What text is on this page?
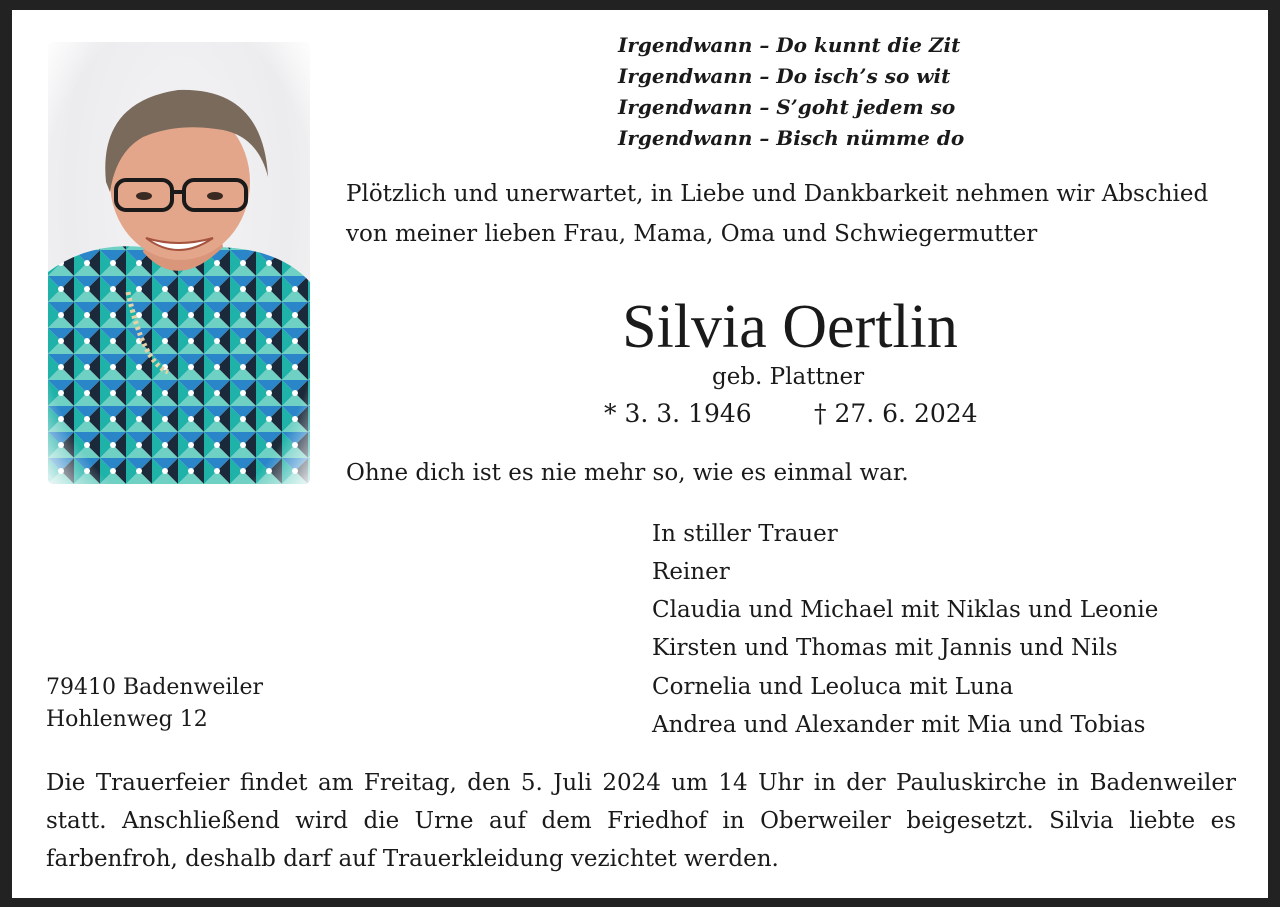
Irgendwann – Do kunnt die Zit
Irgendwann – Do isch’s so wit
Irgendwann – S’goht jedem so
Irgendwann – Bisch nümme do
Plötzlich und unerwartet, in Liebe und Dankbarkeit nehmen wir Abschied
von meiner lieben Frau, Mama, Oma und Schwiegermutter
Silvia Oertlin
geb. Plattner
* 3. 3. 1946 † 27. 6. 2024
Ohne dich ist es nie mehr so, wie es einmal war.
In stiller Trauer
Reiner
Claudia und Michael mit Niklas und Leonie
Kirsten und Thomas mit Jannis und Nils
Cornelia und Leoluca mit Luna
Andrea und Alexander mit Mia und Tobias
79410 Badenweiler
Hohlenweg 12
Die Trauerfeier findet am Freitag, den 5. Juli 2024 um 14 Uhr in der Pauluskirche in Badenweiler statt. Anschließend wird die Urne auf dem Friedhof in Oberweiler beigesetzt. Silvia liebte es farbenfroh, deshalb darf auf Trauerkleidung vezichtet werden.
